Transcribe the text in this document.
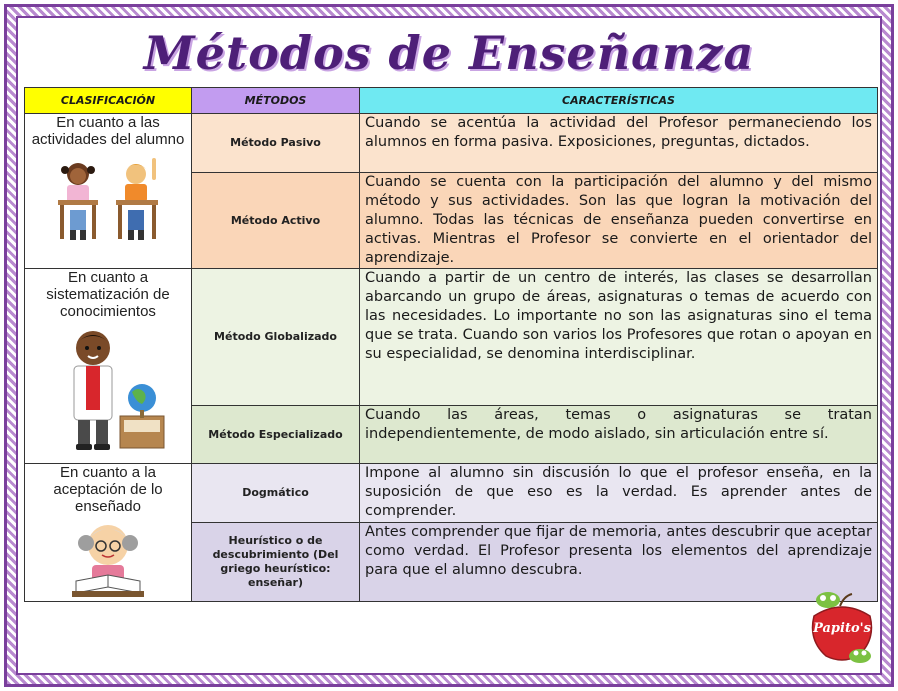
Métodos de Enseñanza
CLASIFICACIÓN	MÉTODOS	CARACTERÍSTICAS

En cuanto a las actividades del alumno	Método Pasivo	Cuando se acentúa la actividad del Profesor permaneciendo los alumnos en forma pasiva. Exposiciones, preguntas, dictados.
	Método Activo	Cuando se cuenta con la participación del alumno y del mismo método y sus actividades. Son las que logran la motivación del alumno. Todas las técnicas de enseñanza pueden convertirse en activas. Mientras el Profesor se convierte en el orientador del aprendizaje.

En cuanto a sistematización de conocimientos	Método Globalizado	Cuando a partir de un centro de interés, las clases se desarrollan abarcando un grupo de áreas, asignaturas o temas de acuerdo con las necesidades. Lo importante no son las asignaturas sino el tema que se trata. Cuando son varios los Profesores que rotan o apoyan en su especialidad, se denomina interdisciplinar.
	Método Especializado	Cuando las áreas, temas o asignaturas se tratan independientemente, de modo aislado, sin articulación entre sí.

En cuanto a la aceptación de lo enseñado	Dogmático	Impone al alumno sin discusión lo que el profesor enseña, en la suposición de que eso es la verdad. Es aprender antes de comprender.
	Heurístico o de descubrimiento (Del griego heurístico: enseñar)	Antes comprender que fijar de memoria, antes descubrir que aceptar como verdad. El Profesor presenta los elementos del aprendizaje para que el alumno descubra.
Papito's
